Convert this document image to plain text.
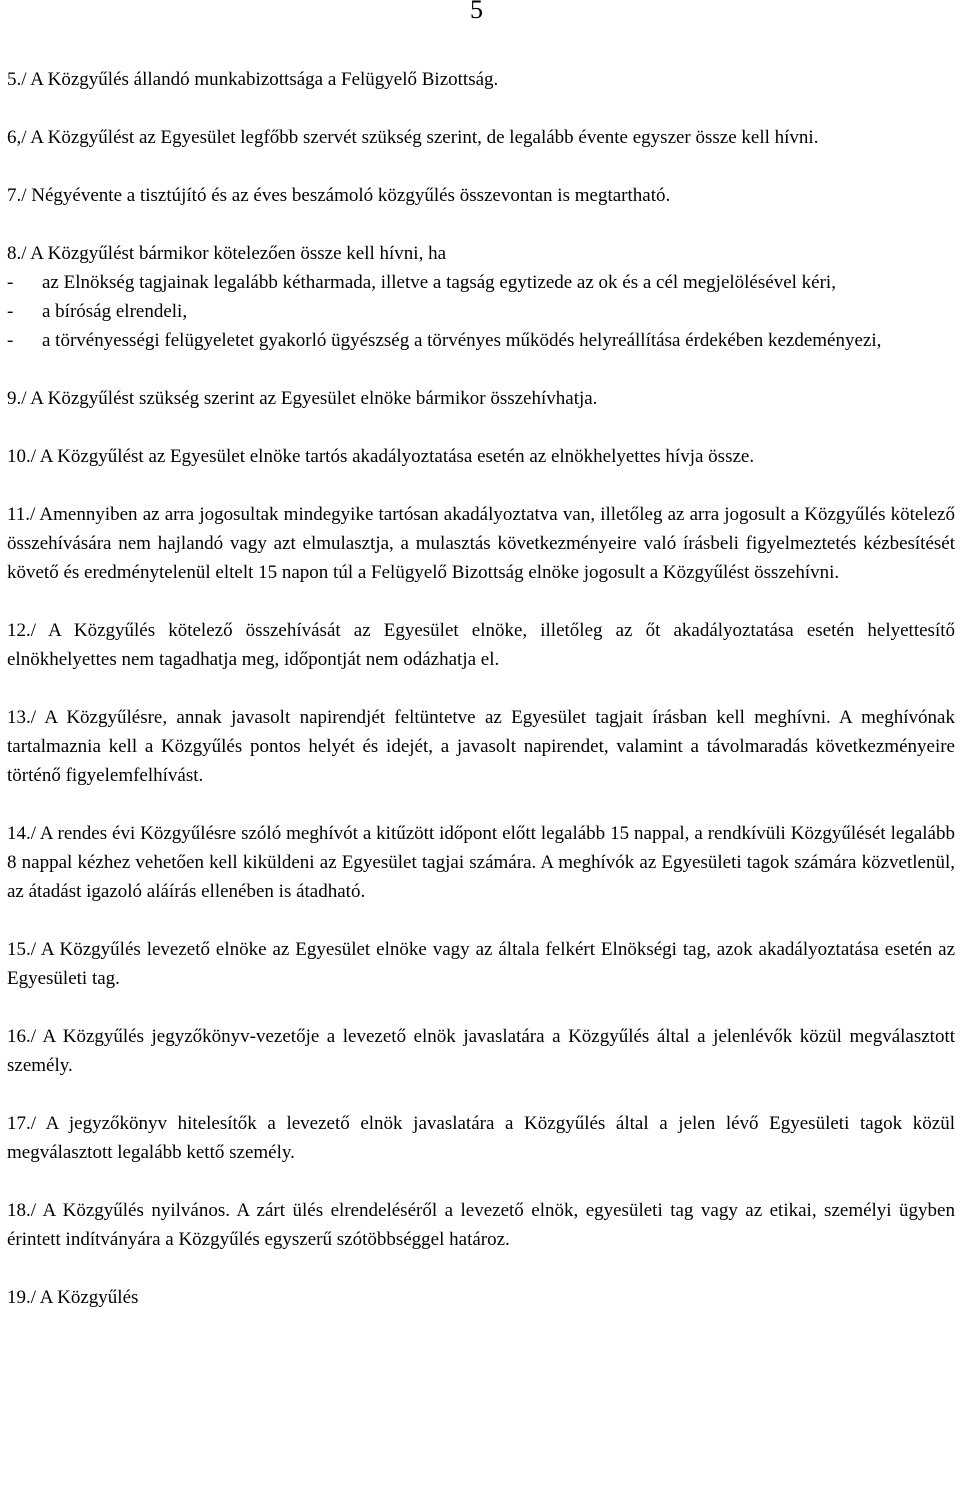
5

5./ A Közgyűlés állandó munkabizottsága a Felügyelő Bizottság.

6,/ A Közgyűlést az Egyesület legfőbb szervét szükség szerint, de legalább évente egyszer össze kell hívni.

7./ Négyévente a tisztújító és az éves beszámoló közgyűlés összevontan is megtartható.

8./ A Közgyűlést bármikor kötelezően össze kell hívni, ha
- az Elnökség tagjainak legalább kétharmada, illetve a tagság egytizede az ok és a cél megjelölésével kéri,
- a bíróság elrendeli,
- a törvényességi felügyeletet gyakorló ügyészség a törvényes működés helyreállítása érdekében kezdeményezi,

9./ A Közgyűlést szükség szerint az Egyesület elnöke bármikor összehívhatja.

10./ A Közgyűlést az Egyesület elnöke tartós akadályoztatása esetén az elnökhelyettes hívja össze.

11./ Amennyiben az arra jogosultak mindegyike tartósan akadályoztatva van, illetőleg az arra jogosult a Közgyűlés kötelező összehívására nem hajlandó vagy azt elmulasztja, a mulasztás következményeire való írásbeli figyelmeztetés kézbesítését követő és eredménytelenül eltelt 15 napon túl a Felügyelő Bizottság elnöke jogosult a Közgyűlést összehívni.

12./ A Közgyűlés kötelező összehívását az Egyesület elnöke, illetőleg az őt akadályoztatása esetén helyettesítő elnökhelyettes nem tagadhatja meg, időpontját nem odázhatja el.

13./ A Közgyűlésre, annak javasolt napirendjét feltüntetve az Egyesület tagjait írásban kell meghívni. A meghívónak tartalmaznia kell a Közgyűlés pontos helyét és idejét, a javasolt napirendet, valamint a távolmaradás következményeire történő figyelemfelhívást.

14./ A rendes évi Közgyűlésre szóló meghívót a kitűzött időpont előtt legalább 15 nappal, a rendkívüli Közgyűlését legalább 8 nappal kézhez vehetően kell kiküldeni az Egyesület tagjai számára. A meghívók az Egyesületi tagok számára közvetlenül, az átadást igazoló aláírás ellenében is átadható.

15./ A Közgyűlés levezető elnöke az Egyesület elnöke vagy az általa felkért Elnökségi tag, azok akadályoztatása esetén az Egyesületi tag.

16./ A Közgyűlés jegyzőkönyv-vezetője a levezető elnök javaslatára a Közgyűlés által a jelenlévők közül megválasztott személy.

17./ A jegyzőkönyv hitelesítők a levezető elnök javaslatára a Közgyűlés által a jelen lévő Egyesületi tagok közül megválasztott legalább kettő személy.

18./ A Közgyűlés nyilvános. A zárt ülés elrendeléséről a levezető elnök, egyesületi tag vagy az etikai, személyi ügyben érintett indítványára a Közgyűlés egyszerű szótöbbséggel határoz.

19./ A Közgyűlés
